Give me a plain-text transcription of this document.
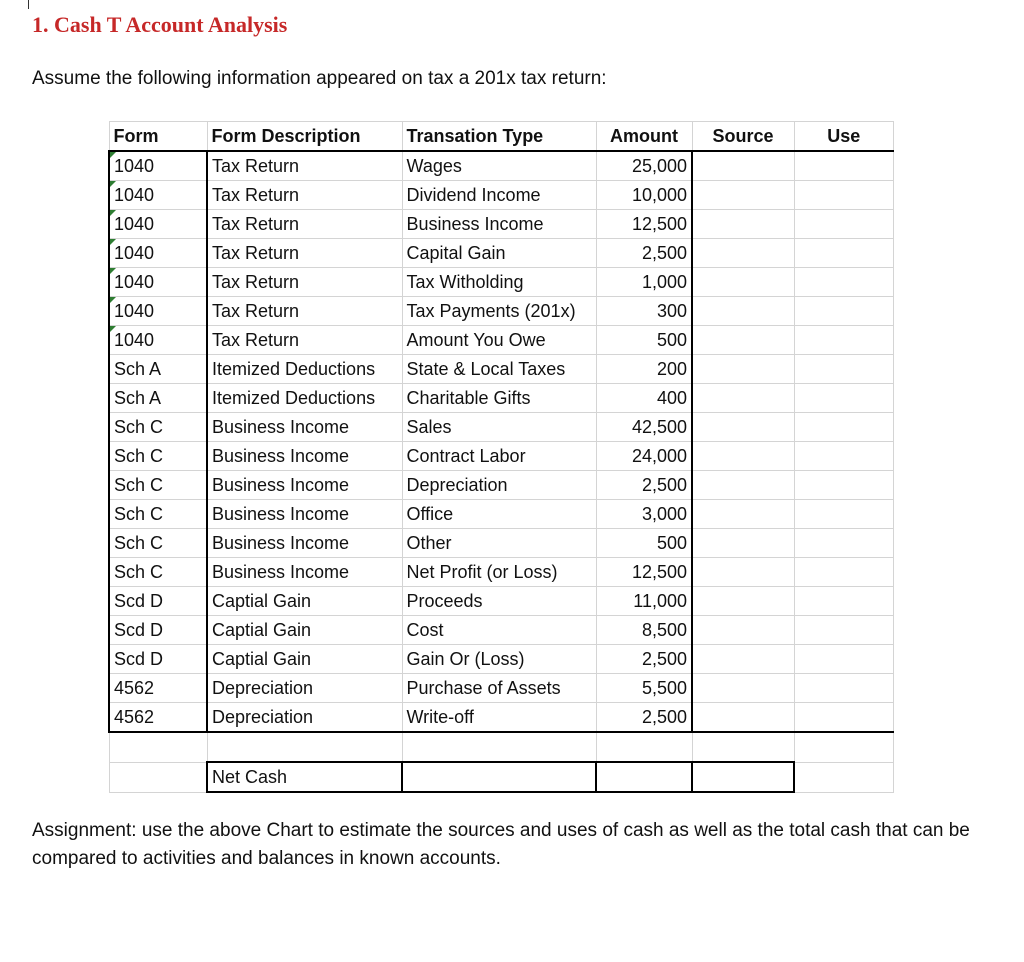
1. Cash T Account Analysis
Assume the following information appeared on tax a 201x tax return:
Form	Form Description	Transation Type	Amount	Source	Use
1040	Tax Return	Wages	25,000		
1040	Tax Return	Dividend Income	10,000		
1040	Tax Return	Business Income	12,500		
1040	Tax Return	Capital Gain	2,500		
1040	Tax Return	Tax Witholding	1,000		
1040	Tax Return	Tax Payments (201x)	300		
1040	Tax Return	Amount You Owe	500		
Sch A	Itemized Deductions	State & Local Taxes	200		
Sch A	Itemized Deductions	Charitable Gifts	400		
Sch C	Business Income	Sales	42,500		
Sch C	Business Income	Contract Labor	24,000		
Sch C	Business Income	Depreciation	2,500		
Sch C	Business Income	Office	3,000		
Sch C	Business Income	Other	500		
Sch C	Business Income	Net Profit (or Loss)	12,500		
Scd D	Captial Gain	Proceeds	11,000		
Scd D	Captial Gain	Cost	8,500		
Scd D	Captial Gain	Gain Or (Loss)	2,500		
4562	Depreciation	Purchase of Assets	5,500		
4562	Depreciation	Write-off	2,500		

	Net Cash				
Assignment: use the above Chart to estimate the sources and uses of cash as well as the total cash that can be compared to activities and balances in known accounts.
